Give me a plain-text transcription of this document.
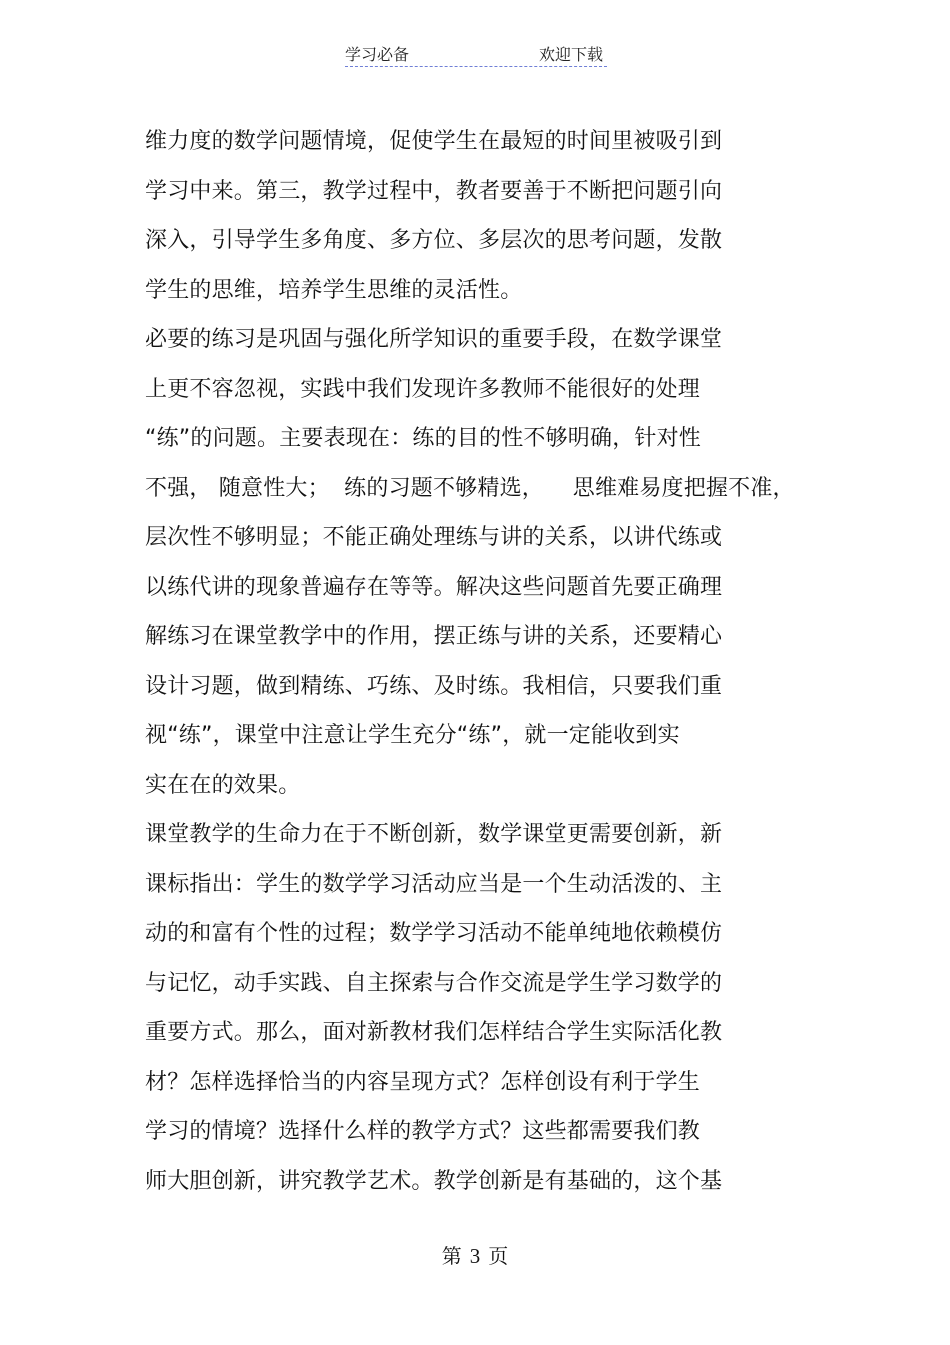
学习必备	欢迎下载
维力度的数学问题情境，促使学生在最短的时间里被吸引到
学习中来。第三，教学过程中，教者要善于不断把问题引向
深入，引导学生多角度、多方位、多层次的思考问题，发散
学生的思维，培养学生思维的灵活性。
必要的练习是巩固与强化所学知识的重要手段，在数学课堂
上更不容忽视，实践中我们发现许多教师不能很好的处理
“练”的问题。主要表现在：练的目的性不够明确，针对性
不强， 随意性大；  练的习题不够精选，    思维难易度把握不准，
层次性不够明显；不能正确处理练与讲的关系，以讲代练或
以练代讲的现象普遍存在等等。解决这些问题首先要正确理
解练习在课堂教学中的作用，摆正练与讲的关系，还要精心
设计习题，做到精练、巧练、及时练。我相信，只要我们重
视“练”，课堂中注意让学生充分“练”，就一定能收到实
实在在的效果。
课堂教学的生命力在于不断创新，数学课堂更需要创新，新
课标指出：学生的数学学习活动应当是一个生动活泼的、主
动的和富有个性的过程；数学学习活动不能单纯地依赖模仿
与记忆，动手实践、自主探索与合作交流是学生学习数学的
重要方式。那么，面对新教材我们怎样结合学生实际活化教
材？怎样选择恰当的内容呈现方式？怎样创设有利于学生
学习的情境？选择什么样的教学方式？这些都需要我们教
师大胆创新，讲究教学艺术。教学创新是有基础的，这个基
第 3 页
